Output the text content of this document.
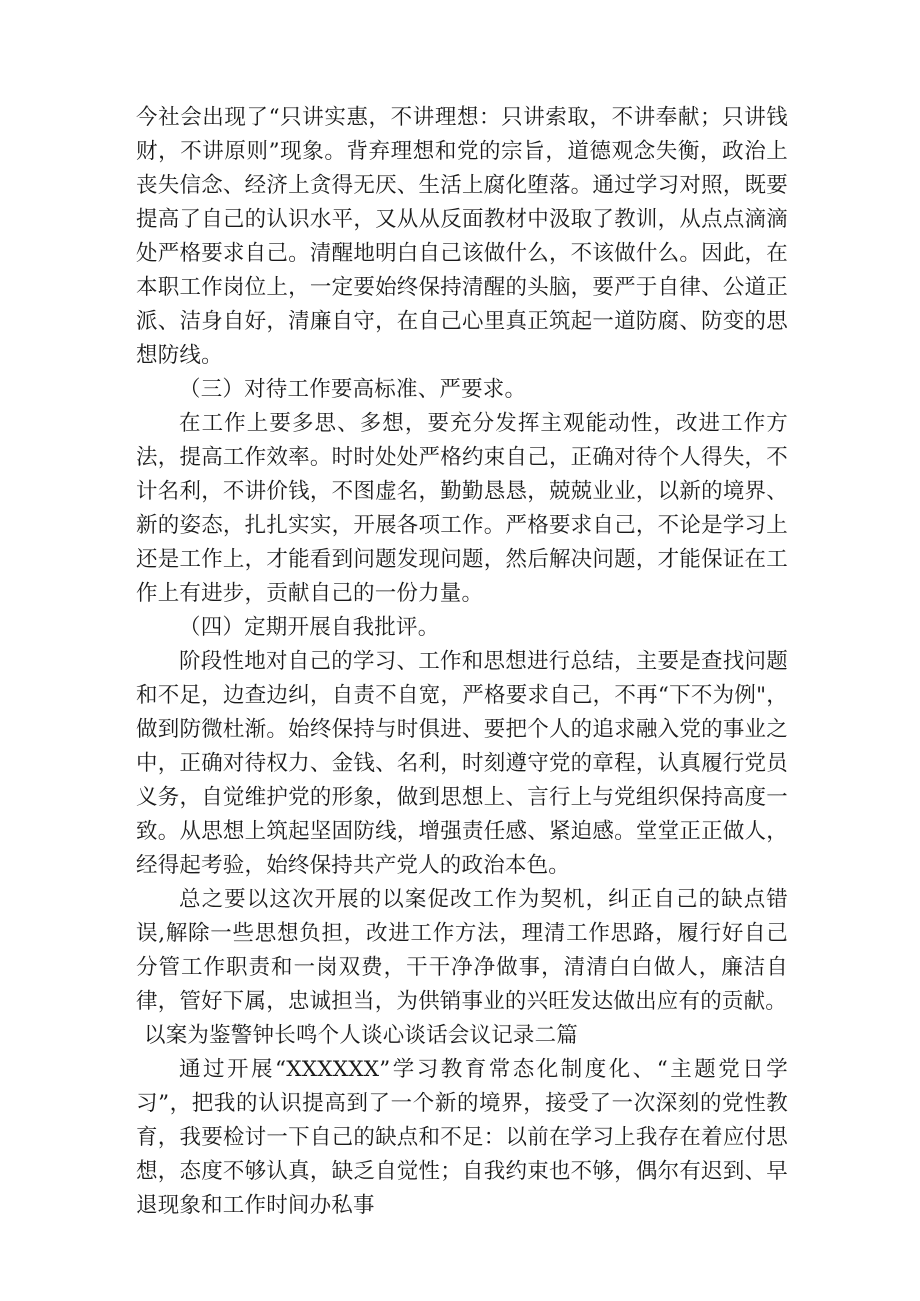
今社会出现了“只讲实惠，不讲理想：只讲索取，不讲奉献；只讲钱财，不讲原则”现象。背弃理想和党的宗旨，道德观念失衡，政治上丧失信念、经济上贪得无厌、生活上腐化堕落。通过学习对照，既要提高了自己的认识水平，又从从反面教材中汲取了教训，从点点滴滴处严格要求自己。清醒地明白自己该做什么，不该做什么。因此，在本职工作岗位上，一定要始终保持清醒的头脑，要严于自律、公道正派、洁身自好，清廉自守，在自己心里真正筑起一道防腐、防变的思想防线。

（三）对待工作要高标准、严要求。

在工作上要多思、多想，要充分发挥主观能动性，改进工作方法，提高工作效率。时时处处严格约束自己，正确对待个人得失，不计名利，不讲价钱，不图虚名，勤勤恳恳，兢兢业业，以新的境界、新的姿态，扎扎实实，开展各项工作。严格要求自己，不论是学习上还是工作上，才能看到问题发现问题，然后解决问题，才能保证在工作上有进步，贡献自己的一份力量。

（四）定期开展自我批评。

阶段性地对自己的学习、工作和思想进行总结，主要是查找问题和不足，边查边纠，自责不自宽，严格要求自己，不再“下不为例"，做到防微杜渐。始终保持与时俱进、要把个人的追求融入党的事业之中，正确对待权力、金钱、名利，时刻遵守党的章程，认真履行党员义务，自觉维护党的形象，做到思想上、言行上与党组织保持高度一致。从思想上筑起坚固防线，增强责任感、紧迫感。堂堂正正做人，经得起考验，始终保持共产党人的政治本色。

总之要以这次开展的以案促改工作为契机，纠正自己的缺点错误,解除一些思想负担，改进工作方法，理清工作思路，履行好自己分管工作职责和一岗双费，干干净净做事，清清白白做人，廉洁自律，管好下属，忠诚担当，为供销事业的兴旺发达做出应有的贡献。

以案为鉴警钟长鸣个人谈心谈话会议记录二篇

通过开展“XXXXXX”学习教育常态化制度化、“主题党日学习”，把我的认识提高到了一个新的境界，接受了一次深刻的党性教育，我要检讨一下自己的缺点和不足：以前在学习上我存在着应付思想，态度不够认真，缺乏自觉性；自我约束也不够，偶尔有迟到、早退现象和工作时间办私事
